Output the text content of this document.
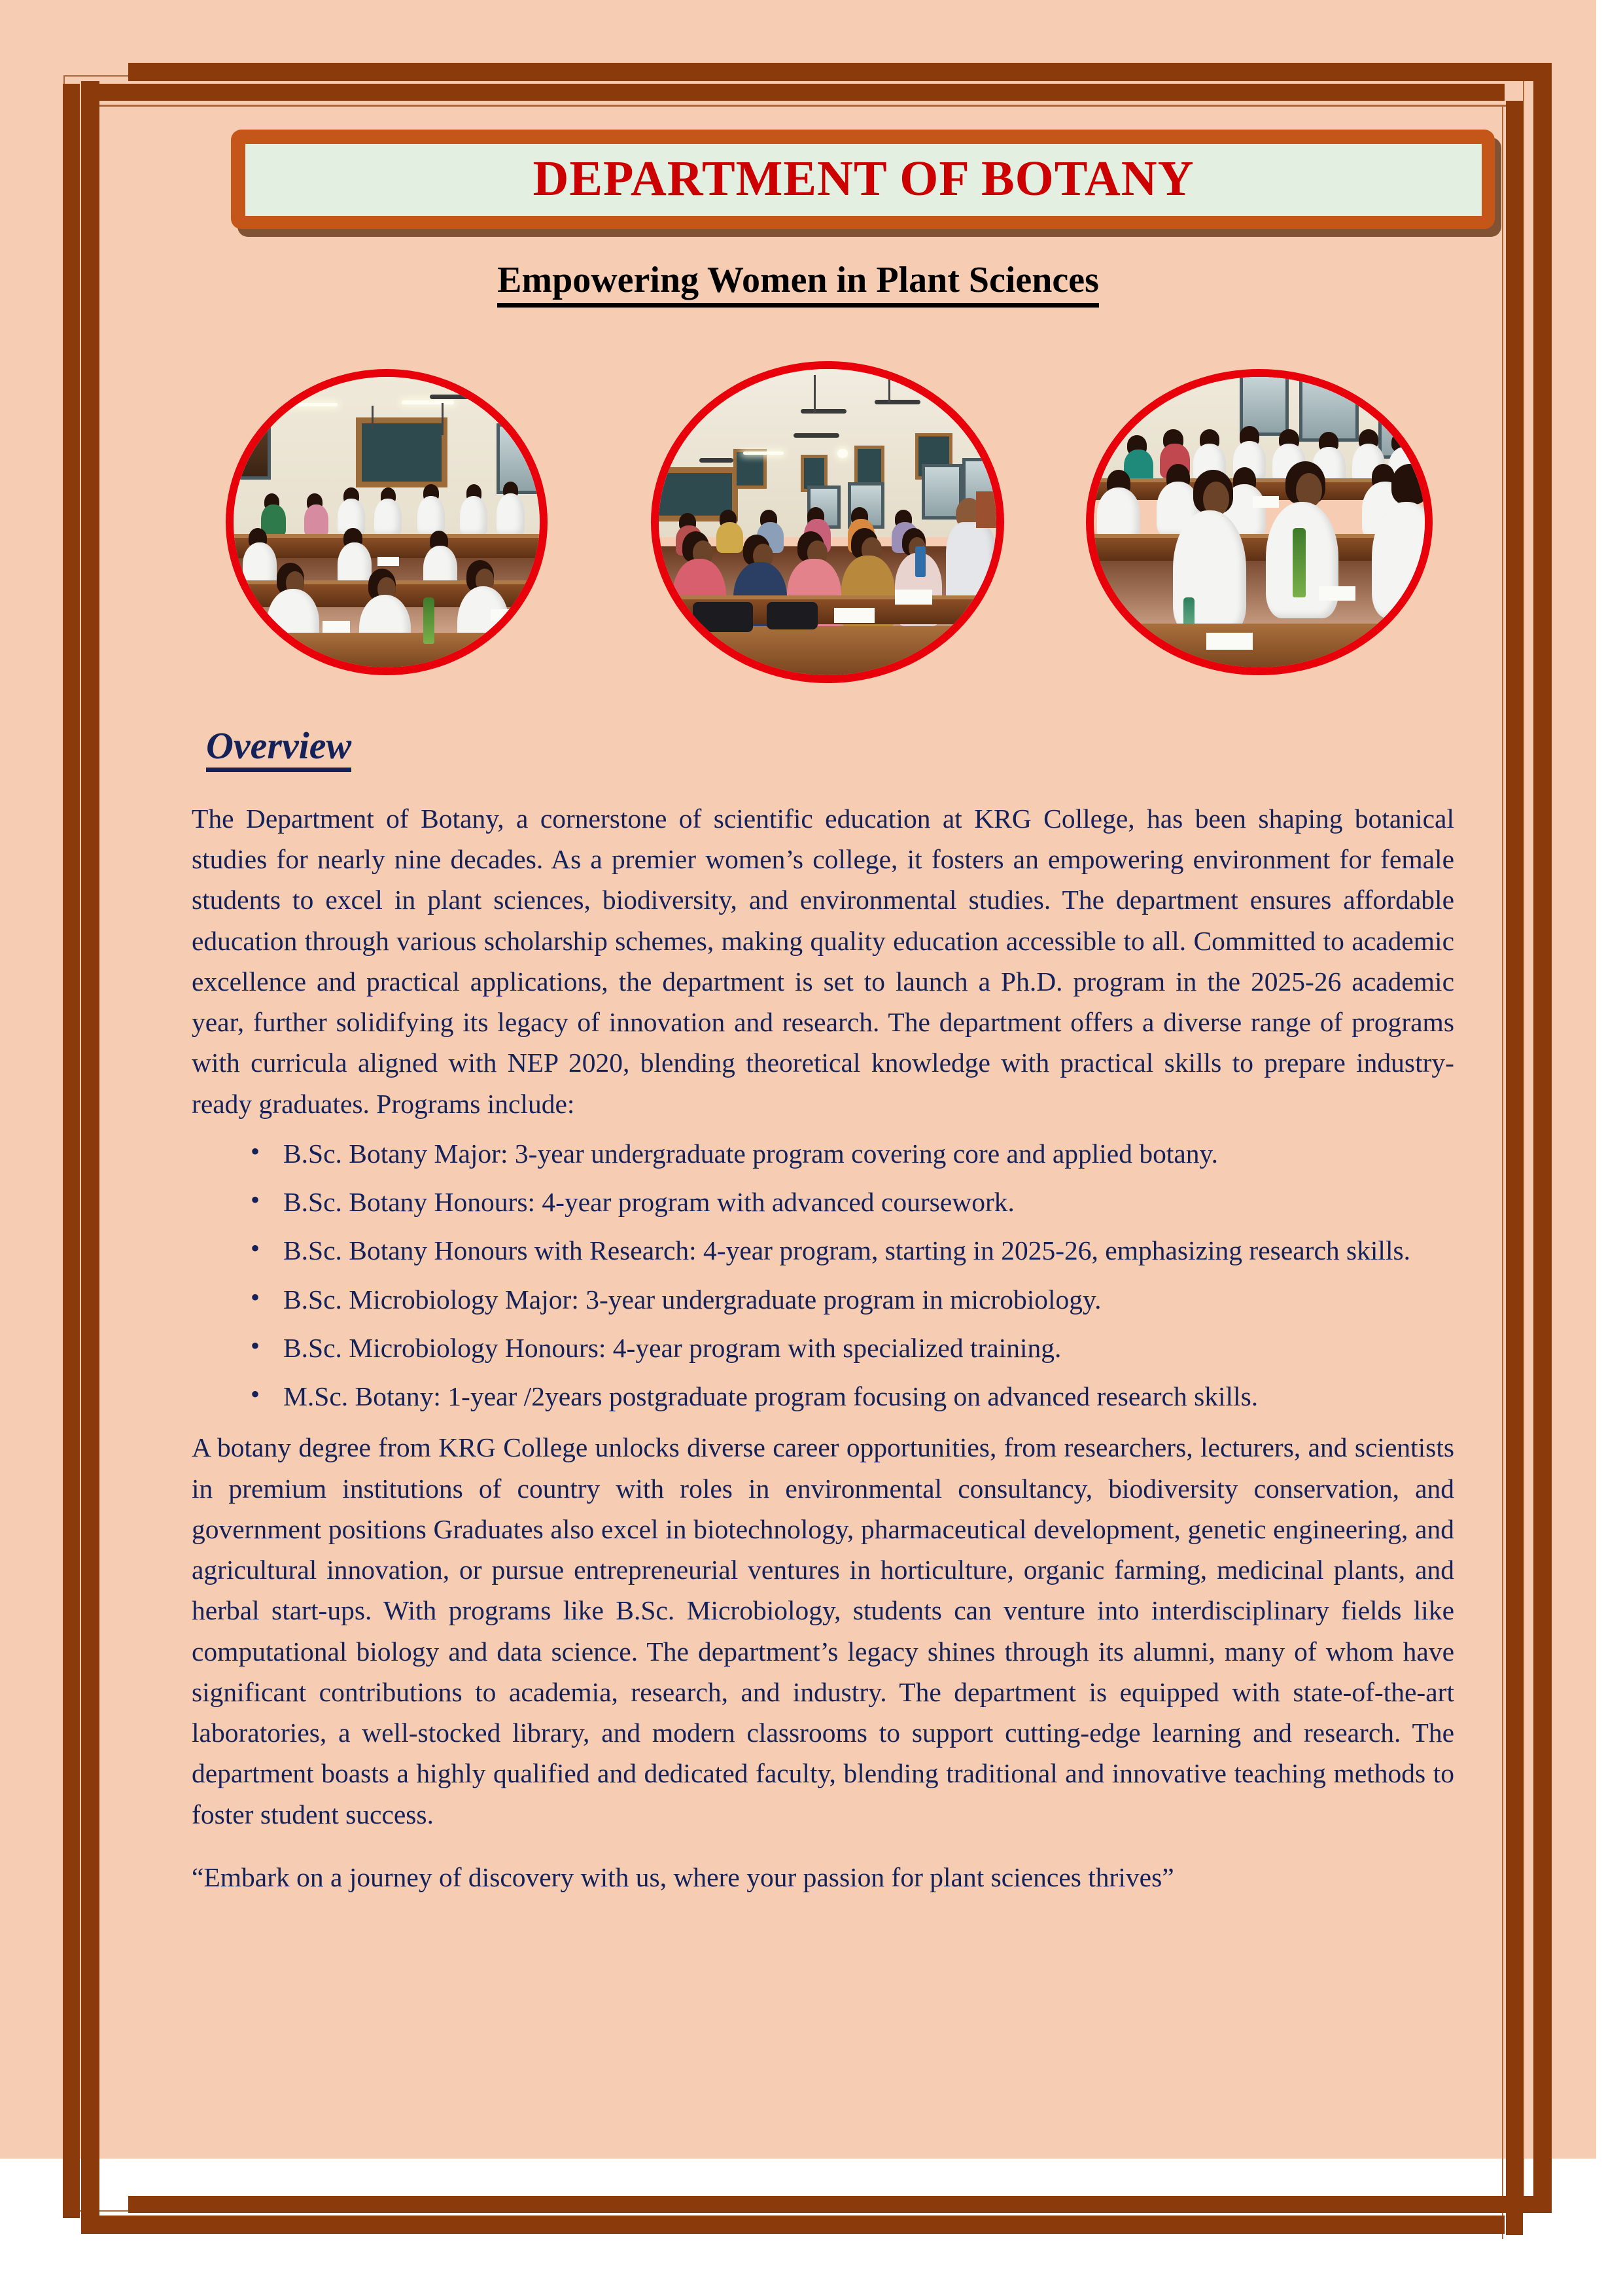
DEPARTMENT OF BOTANY
Empowering Women in Plant Sciences
Overview

The Department of Botany, a cornerstone of scientific education at KRG College, has been shaping botanical studies for nearly nine decades. As a premier women’s college, it fosters an empowering environment for female students to excel in plant sciences, biodiversity, and environmental studies. The department ensures affordable education through various scholarship schemes, making quality education accessible to all. Committed to academic excellence and practical applications, the department is set to launch a Ph.D. program in the 2025-26 academic year, further solidifying its legacy of innovation and research. The department offers a diverse range of programs with curricula aligned with NEP 2020, blending theoretical knowledge with practical skills to prepare industry-ready graduates. Programs include:

• B.Sc. Botany Major: 3-year undergraduate program covering core and applied botany.
• B.Sc. Botany Honours: 4-year program with advanced coursework.
• B.Sc. Botany Honours with Research: 4-year program, starting in 2025-26, emphasizing research skills.
• B.Sc. Microbiology Major: 3-year undergraduate program in microbiology.
• B.Sc. Microbiology Honours: 4-year program with specialized training.
• M.Sc. Botany: 1-year /2years postgraduate program focusing on advanced research skills.

A botany degree from KRG College unlocks diverse career opportunities, from researchers, lecturers, and scientists in premium institutions of country with roles in environmental consultancy, biodiversity conservation, and government positions Graduates also excel in biotechnology, pharmaceutical development, genetic engineering, and agricultural innovation, or pursue entrepreneurial ventures in horticulture, organic farming, medicinal plants, and herbal start-ups. With programs like B.Sc. Microbiology, students can venture into interdisciplinary fields like computational biology and data science. The department’s legacy shines through its alumni, many of whom have significant contributions to academia, research, and industry. The department is equipped with state-of-the-art laboratories, a well-stocked library, and modern classrooms to support cutting-edge learning and research. The department boasts a highly qualified and dedicated faculty, blending traditional and innovative teaching methods to foster student success.

“Embark on a journey of discovery with us, where your passion for plant sciences thrives”
